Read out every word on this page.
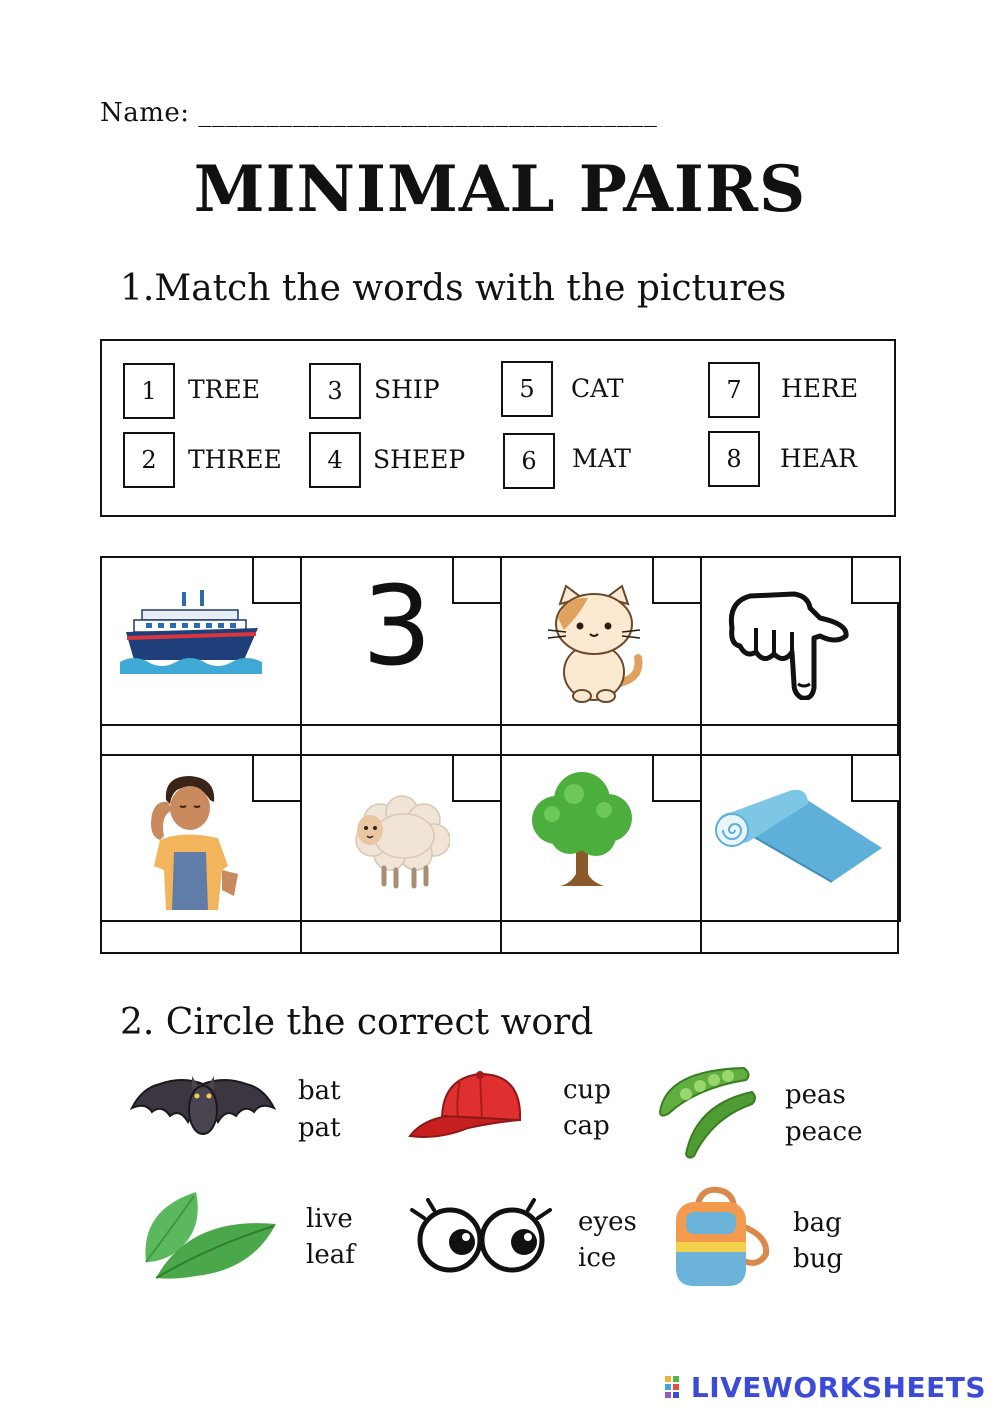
Name: __________________________________
MINIMAL PAIRS
1.Match the words with the pictures
1	TREE
2	THREE
3	SHIP
4	SHEEP
5	CAT
6	MAT
7	HERE
8	HEAR
3
2. Circle the correct word
bat
pat
cup
cap
peas
peace
live
leaf
eyes
ice
bag
bug
LIVEWORKSHEETS
